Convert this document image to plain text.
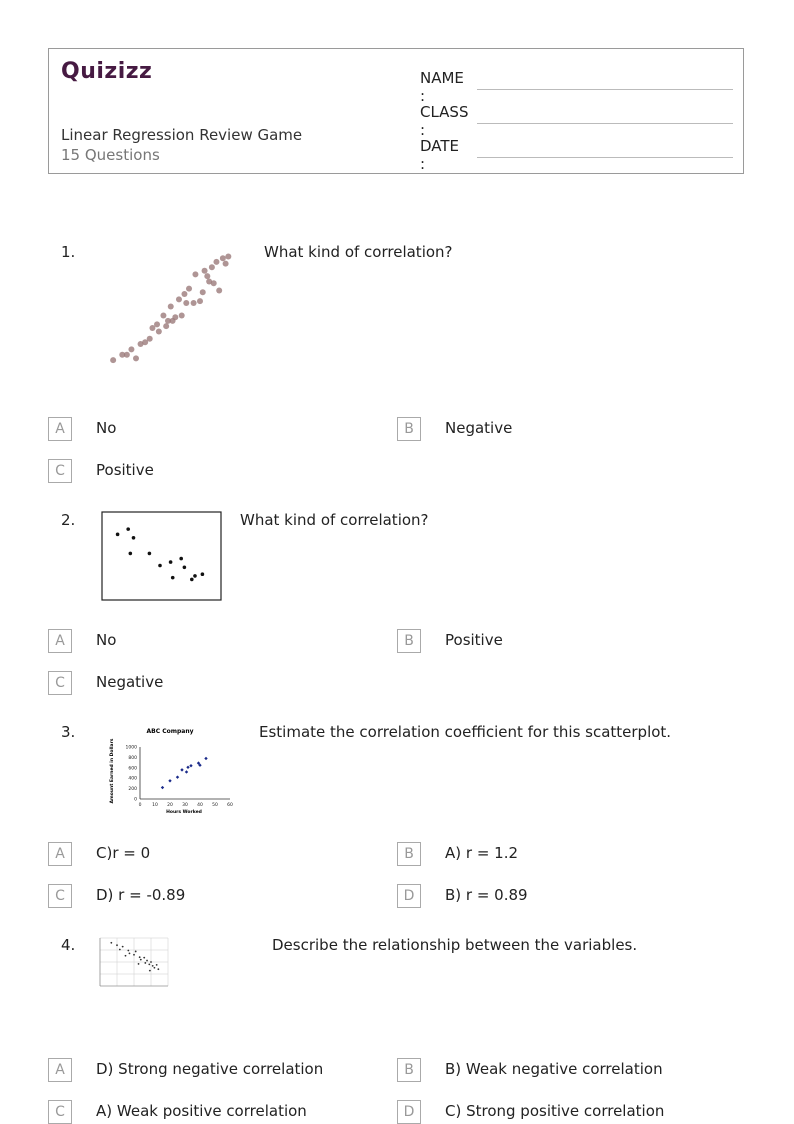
Quizizz
Linear Regression Review Game
15 Questions
NAME :
CLASS :
DATE :
1.	What kind of correlation?
A	No	B	Negative
C	Positive
2.	What kind of correlation?
A	No	B	Positive
C	Negative
3.	ABC Company
Amount Earned in Dollars
Hours Worked
1000
800
600
400
200
0
0 10 20 30 40 50 60
Estimate the correlation coefficient for this scatterplot.
A	C)r = 0	B	A) r = 1.2
C	D) r = -0.89	D	B) r = 0.89
4.	Describe the relationship between the variables.
A	D) Strong negative correlation	B	B) Weak negative correlation
C	A) Weak positive correlation	D	C) Strong positive correlation
